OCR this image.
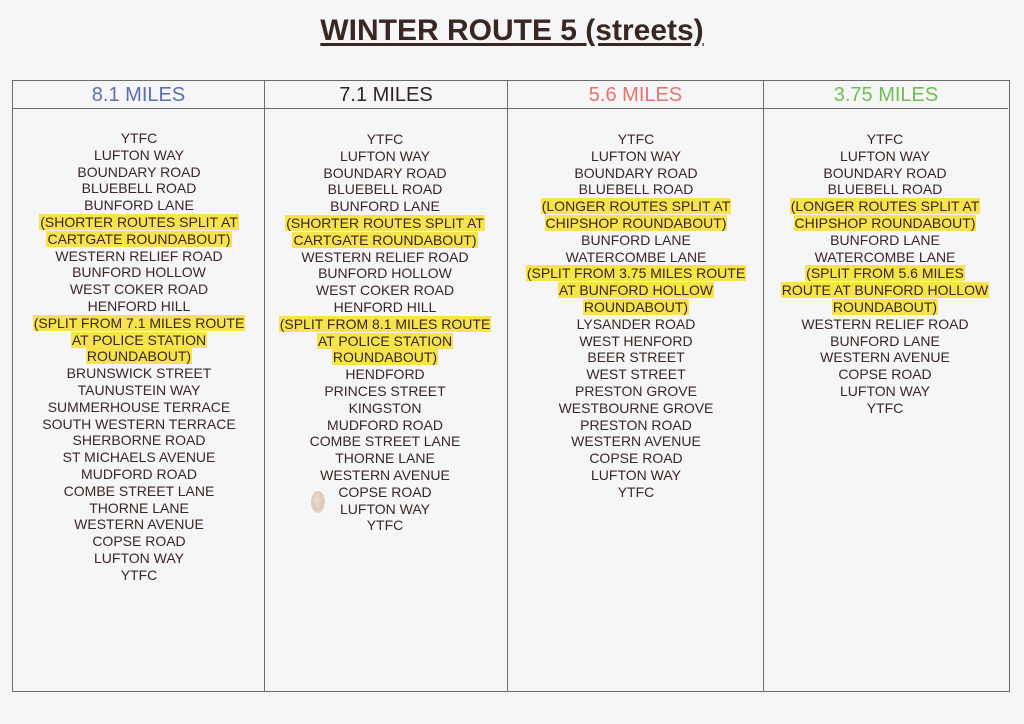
WINTER ROUTE 5 (streets)
8.1 MILES
YTFC
LUFTON WAY
BOUNDARY ROAD
BLUEBELL ROAD
BUNFORD LANE
(SHORTER ROUTES SPLIT AT CARTGATE ROUNDABOUT)
WESTERN RELIEF ROAD
BUNFORD HOLLOW
WEST COKER ROAD
HENFORD HILL
(SPLIT FROM 7.1 MILES ROUTE AT POLICE STATION ROUNDABOUT)
BRUNSWICK STREET
TAUNUSTEIN WAY
SUMMERHOUSE TERRACE
SOUTH WESTERN TERRACE
SHERBORNE ROAD
ST MICHAELS AVENUE
MUDFORD ROAD
COMBE STREET LANE
THORNE LANE
WESTERN AVENUE
COPSE ROAD
LUFTON WAY
YTFC
7.1 MILES
YTFC
LUFTON WAY
BOUNDARY ROAD
BLUEBELL ROAD
BUNFORD LANE
(SHORTER ROUTES SPLIT AT CARTGATE ROUNDABOUT)
WESTERN RELIEF ROAD
BUNFORD HOLLOW
WEST COKER ROAD
HENFORD HILL
(SPLIT FROM 8.1 MILES ROUTE AT POLICE STATION ROUNDABOUT)
HENDFORD
PRINCES STREET
KINGSTON
MUDFORD ROAD
COMBE STREET LANE
THORNE LANE
WESTERN AVENUE
COPSE ROAD
LUFTON WAY
YTFC
5.6 MILES
YTFC
LUFTON WAY
BOUNDARY ROAD
BLUEBELL ROAD
(LONGER ROUTES SPLIT AT CHIPSHOP ROUNDABOUT)
BUNFORD LANE
WATERCOMBE LANE
(SPLIT FROM 3.75 MILES ROUTE AT BUNFORD HOLLOW ROUNDABOUT)
LYSANDER ROAD
WEST HENFORD
BEER STREET
WEST STREET
PRESTON GROVE
WESTBOURNE GROVE
PRESTON ROAD
WESTERN AVENUE
COPSE ROAD
LUFTON WAY
YTFC
3.75 MILES
YTFC
LUFTON WAY
BOUNDARY ROAD
BLUEBELL ROAD
(LONGER ROUTES SPLIT AT CHIPSHOP ROUNDABOUT)
BUNFORD LANE
WATERCOMBE LANE
(SPLIT FROM 5.6 MILES ROUTE AT BUNFORD HOLLOW ROUNDABOUT)
WESTERN RELIEF ROAD
BUNFORD LANE
WESTERN AVENUE
COPSE ROAD
LUFTON WAY
YTFC
